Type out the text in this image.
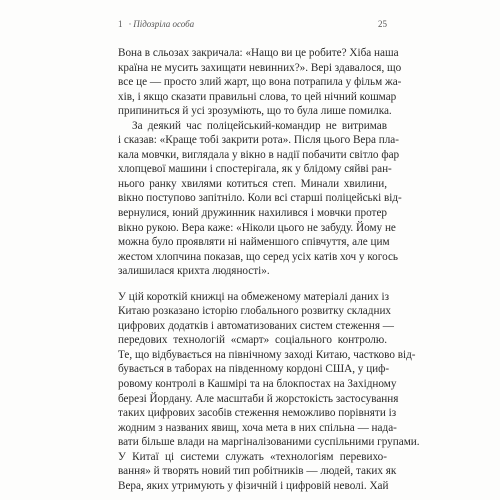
1 · Підозріла особа	25
Вона в сльозах закричала: «Нащо ви це робите? Хіба наша
країна не мусить захищати невинних?». Вері здавалося, що
все це — просто злий жарт, що вона потрапила у фільм жа-
хів, і якщо сказати правильні слова, то цей нічний кошмар
припиниться й усі зрозуміють, що то була лише помилка.
За деякий час поліцейський-командир не витримав
і сказав: «Краще тобі закрити рота». Після цього Вера пла-
кала мовчки, виглядала у вікно в надії побачити світло фар
хлопцевої машини і спостерігала, як у блідому сяйві ран-
нього ранку хвилями котиться степ. Минали хвилини,
вікно поступово запітніло. Коли всі старші поліцейські від-
вернулися, юний дружинник нахилився і мовчки протер
вікно рукою. Вера каже: «Ніколи цього не забуду. Йому не
можна було проявляти ні найменшого співчуття, але цим
жестом хлопчина показав, що серед усіх катів хоч у когось
залишилася крихта людяності».
У цій короткій книжці на обмеженому матеріалі даних із
Китаю розказано історію глобального розвитку складних
цифрових додатків і автоматизованих систем стеження —
передових технологій «смарт» соціального контролю.
Те, що відбувається на північному заході Китаю, частково від-
бувається в таборах на південному кордоні США, у циф-
ровому контролі в Кашмірі та на блокпостах на Західному
березі Йордану. Але масштаби й жорстокість застосування
таких цифрових засобів стеження неможливо порівняти із
жодним з названих явищ, хоча мета в них спільна — нада-
вати більше влади на маргіналізованими суспільними групами.
У Китаї ці системи служать «технологіям перевихо-
вання» й творять новий тип робітників — людей, таких як
Вера, яких утримують у фізичній і цифровій неволі. Хай
